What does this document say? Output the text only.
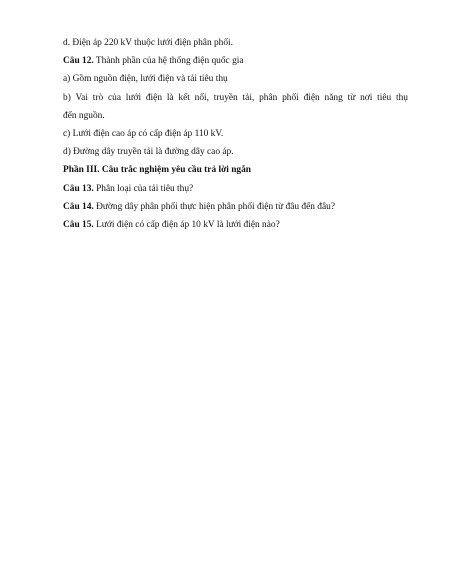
d. Điện áp 220 kV thuộc lưới điện phân phối.
Câu 12. Thành phần của hệ thống điện quốc gia
a) Gồm nguồn điện, lưới điện và tải tiêu thụ
b) Vai trò của lưới điện là kết nối, truyền tải, phân phối điện năng từ nơi tiêu thụ
đến nguồn.
c) Lưới điện cao áp có cấp điện áp 110 kV.
d) Đường dây truyền tải là đường dây cao áp.
Phần III. Câu trắc nghiệm yêu cầu trả lời ngắn
Câu 13. Phân loại của tải tiêu thụ?
Câu 14. Đường dây phân phối thực hiện phân phối điện từ đâu đến đâu?
Câu 15. Lưới điện có cấp điện áp 10 kV là lưới điện nào?
